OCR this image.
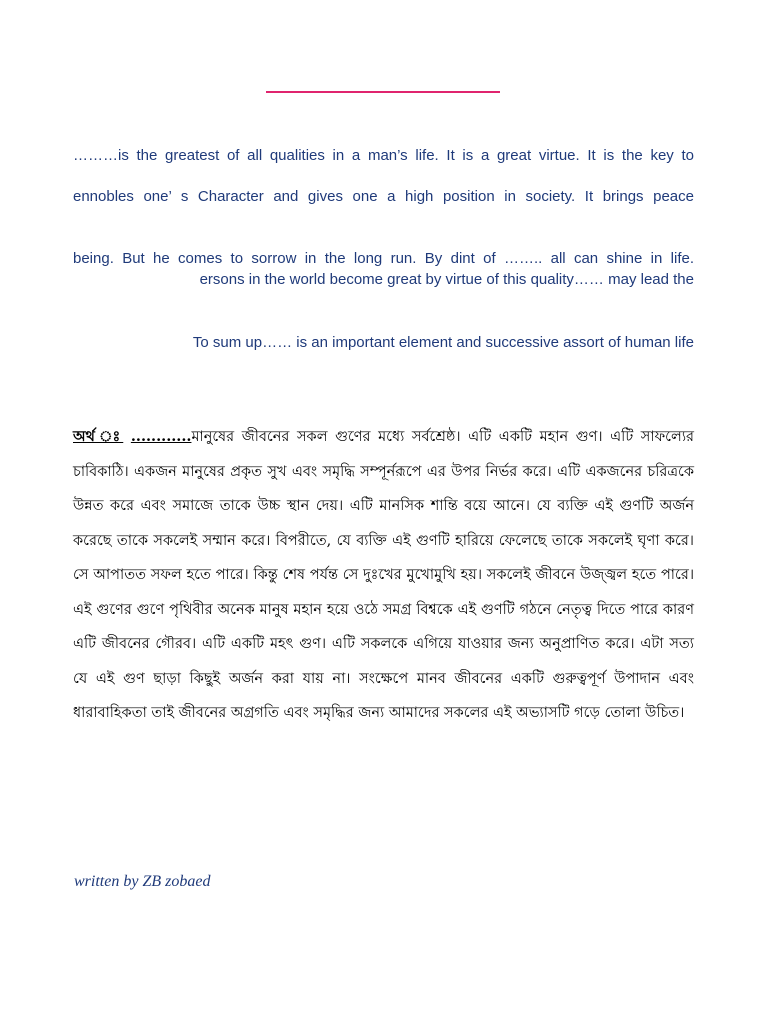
………is the greatest of all qualities in a man’s life. It is a great virtue. It is the key to
ennobles one’ s Character and gives one a high position in society. It brings peace
being. But he comes to sorrow in the long run. By dint of …….. all can shine in life.
ersons in the world become great by virtue of this quality…… may lead the
To sum up…… is an important element and successive assort of human life
অর্থ ঃ ............মানুষের জীবনের সকল গুণের মধ্যে সর্বশ্রেষ্ঠ। এটি একটি মহান গুণ। এটি সাফল্যের চাবিকাঠি। একজন মানুষের প্রকৃত সুখ এবং সমৃদ্ধি সম্পূর্নরূপে এর উপর নির্ভর করে। এটি একজনের চরিত্রকে উন্নত করে এবং সমাজে তাকে উচ্চ স্থান দেয়। এটি মানসিক শান্তি বয়ে আনে। যে ব্যক্তি এই গুণটি অর্জন করেছে তাকে সকলেই সম্মান করে। বিপরীতে, যে ব্যক্তি এই গুণটি হারিয়ে ফেলেছে তাকে সকলেই ঘৃণা করে। সে আপাতত সফল হতে পারে। কিন্তু শেষ পর্যন্ত সে দুঃখের মুখোমুখি হয়। সকলেই জীবনে উজ্জ্বল হতে পারে। এই গুণের গুণে পৃথিবীর অনেক মানুষ মহান হয়ে ওঠে সমগ্র বিশ্বকে এই গুণটি গঠনে নেতৃত্ব দিতে পারে কারণ এটি জীবনের গৌরব। এটি একটি মহৎ গুণ। এটি সকলকে এগিয়ে যাওয়ার জন্য অনুপ্রাণিত করে। এটা সত্য যে এই গুণ ছাড়া কিছুই অর্জন করা যায় না। সংক্ষেপে মানব জীবনের একটি গুরুত্বপূর্ণ উপাদান এবং ধারাবাহিকতা তাই জীবনের অগ্রগতি এবং সমৃদ্ধির জন্য আমাদের সকলের এই অভ্যাসটি গড়ে তোলা উচিত।
written by ZB zobaed
